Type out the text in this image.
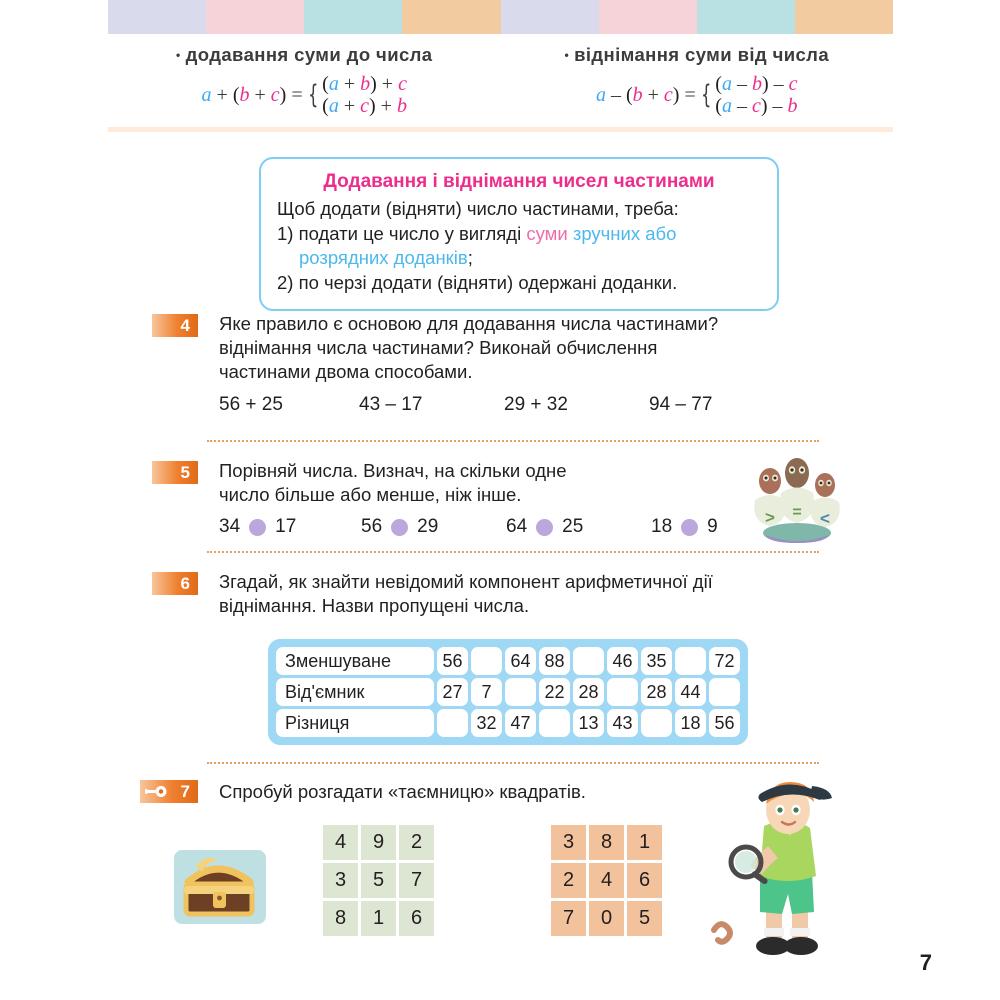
• додавання суми до числа
a + (b + c) = { (a + b) + c
(a + c) + b
• віднімання суми від числа
a – (b + c) = { (a – b) – c
(a – c) – b
Додавання і віднімання чисел частинами
Щоб додати (відняти) число частинами, треба:
1) подати це число у вигляді суми зручних або
розрядних доданків;
2) по черзі додати (відняти) одержані доданки.
4	Яке правило є основою для додавання числа частинами?
віднімання числа частинами? Виконай обчислення
частинами двома способами.
56 + 25	43 – 17	29 + 32	94 – 77
5	Порівняй числа. Визнач, на скільки одне
число більше або менше, ніж інше.
34 17	56 29	64 25	18 9	> = <
6	Згадай, як знайти невідомий компонент арифметичної дії
віднімання. Назви пропущені числа.
Зменшуване	56		64	88		46	35		72
Від'ємник	27	7		22	28		28	44	
Різниця		32	47		13	43		18	56
7	Спробуй розгадати «таємницю» квадратів.
4	9	2
3	5	7
8	1	6
3	8	1
2	4	6
7	0	5
7
